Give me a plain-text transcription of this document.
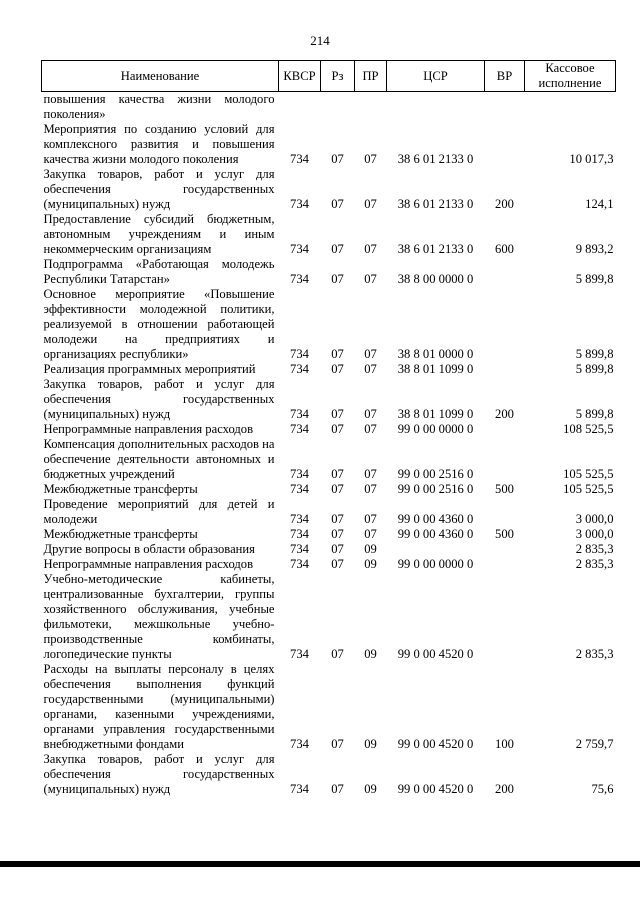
214
Наименование	КВСР	Рз	ПР	ЦСР	ВР	Кассовое исполнение
повышения качества жизни молодого поколения»						
Мероприятия по созданию условий для комплексного развития и повышения качества жизни молодого поколения	734	07	07	38 6 01 2133 0		10 017,3
Закупка товаров, работ и услуг для обеспечения государственных (муниципальных) нужд	734	07	07	38 6 01 2133 0	200	124,1
Предоставление субсидий бюджетным, автономным учреждениям и иным некоммерческим организациям	734	07	07	38 6 01 2133 0	600	9 893,2
Подпрограмма «Работающая молодежь Республики Татарстан»	734	07	07	38 8 00 0000 0		5 899,8
Основное мероприятие «Повышение эффективности молодежной политики, реализуемой в отношении работающей молодежи на предприятиях и организациях республики»	734	07	07	38 8 01 0000 0		5 899,8
Реализация программных мероприятий	734	07	07	38 8 01 1099 0		5 899,8
Закупка товаров, работ и услуг для обеспечения государственных (муниципальных) нужд	734	07	07	38 8 01 1099 0	200	5 899,8
Непрограммные направления расходов	734	07	07	99 0 00 0000 0		108 525,5
Компенсация дополнительных расходов на обеспечение деятельности автономных и бюджетных учреждений	734	07	07	99 0 00 2516 0		105 525,5
Межбюджетные трансферты	734	07	07	99 0 00 2516 0	500	105 525,5
Проведение мероприятий для детей и молодежи	734	07	07	99 0 00 4360 0		3 000,0
Межбюджетные трансферты	734	07	07	99 0 00 4360 0	500	3 000,0
Другие вопросы в области образования	734	07	09			2 835,3
Непрограммные направления расходов	734	07	09	99 0 00 0000 0		2 835,3
Учебно-методические кабинеты, централизованные бухгалтерии, группы хозяйственного обслуживания, учебные фильмотеки, межшкольные учебно-производственные комбинаты, логопедические пункты	734	07	09	99 0 00 4520 0		2 835,3
Расходы на выплаты персоналу в целях обеспечения выполнения функций государственными (муниципальными) органами, казенными учреждениями, органами управления государственными внебюджетными фондами	734	07	09	99 0 00 4520 0	100	2 759,7
Закупка товаров, работ и услуг для обеспечения государственных (муниципальных) нужд	734	07	09	99 0 00 4520 0	200	75,6
